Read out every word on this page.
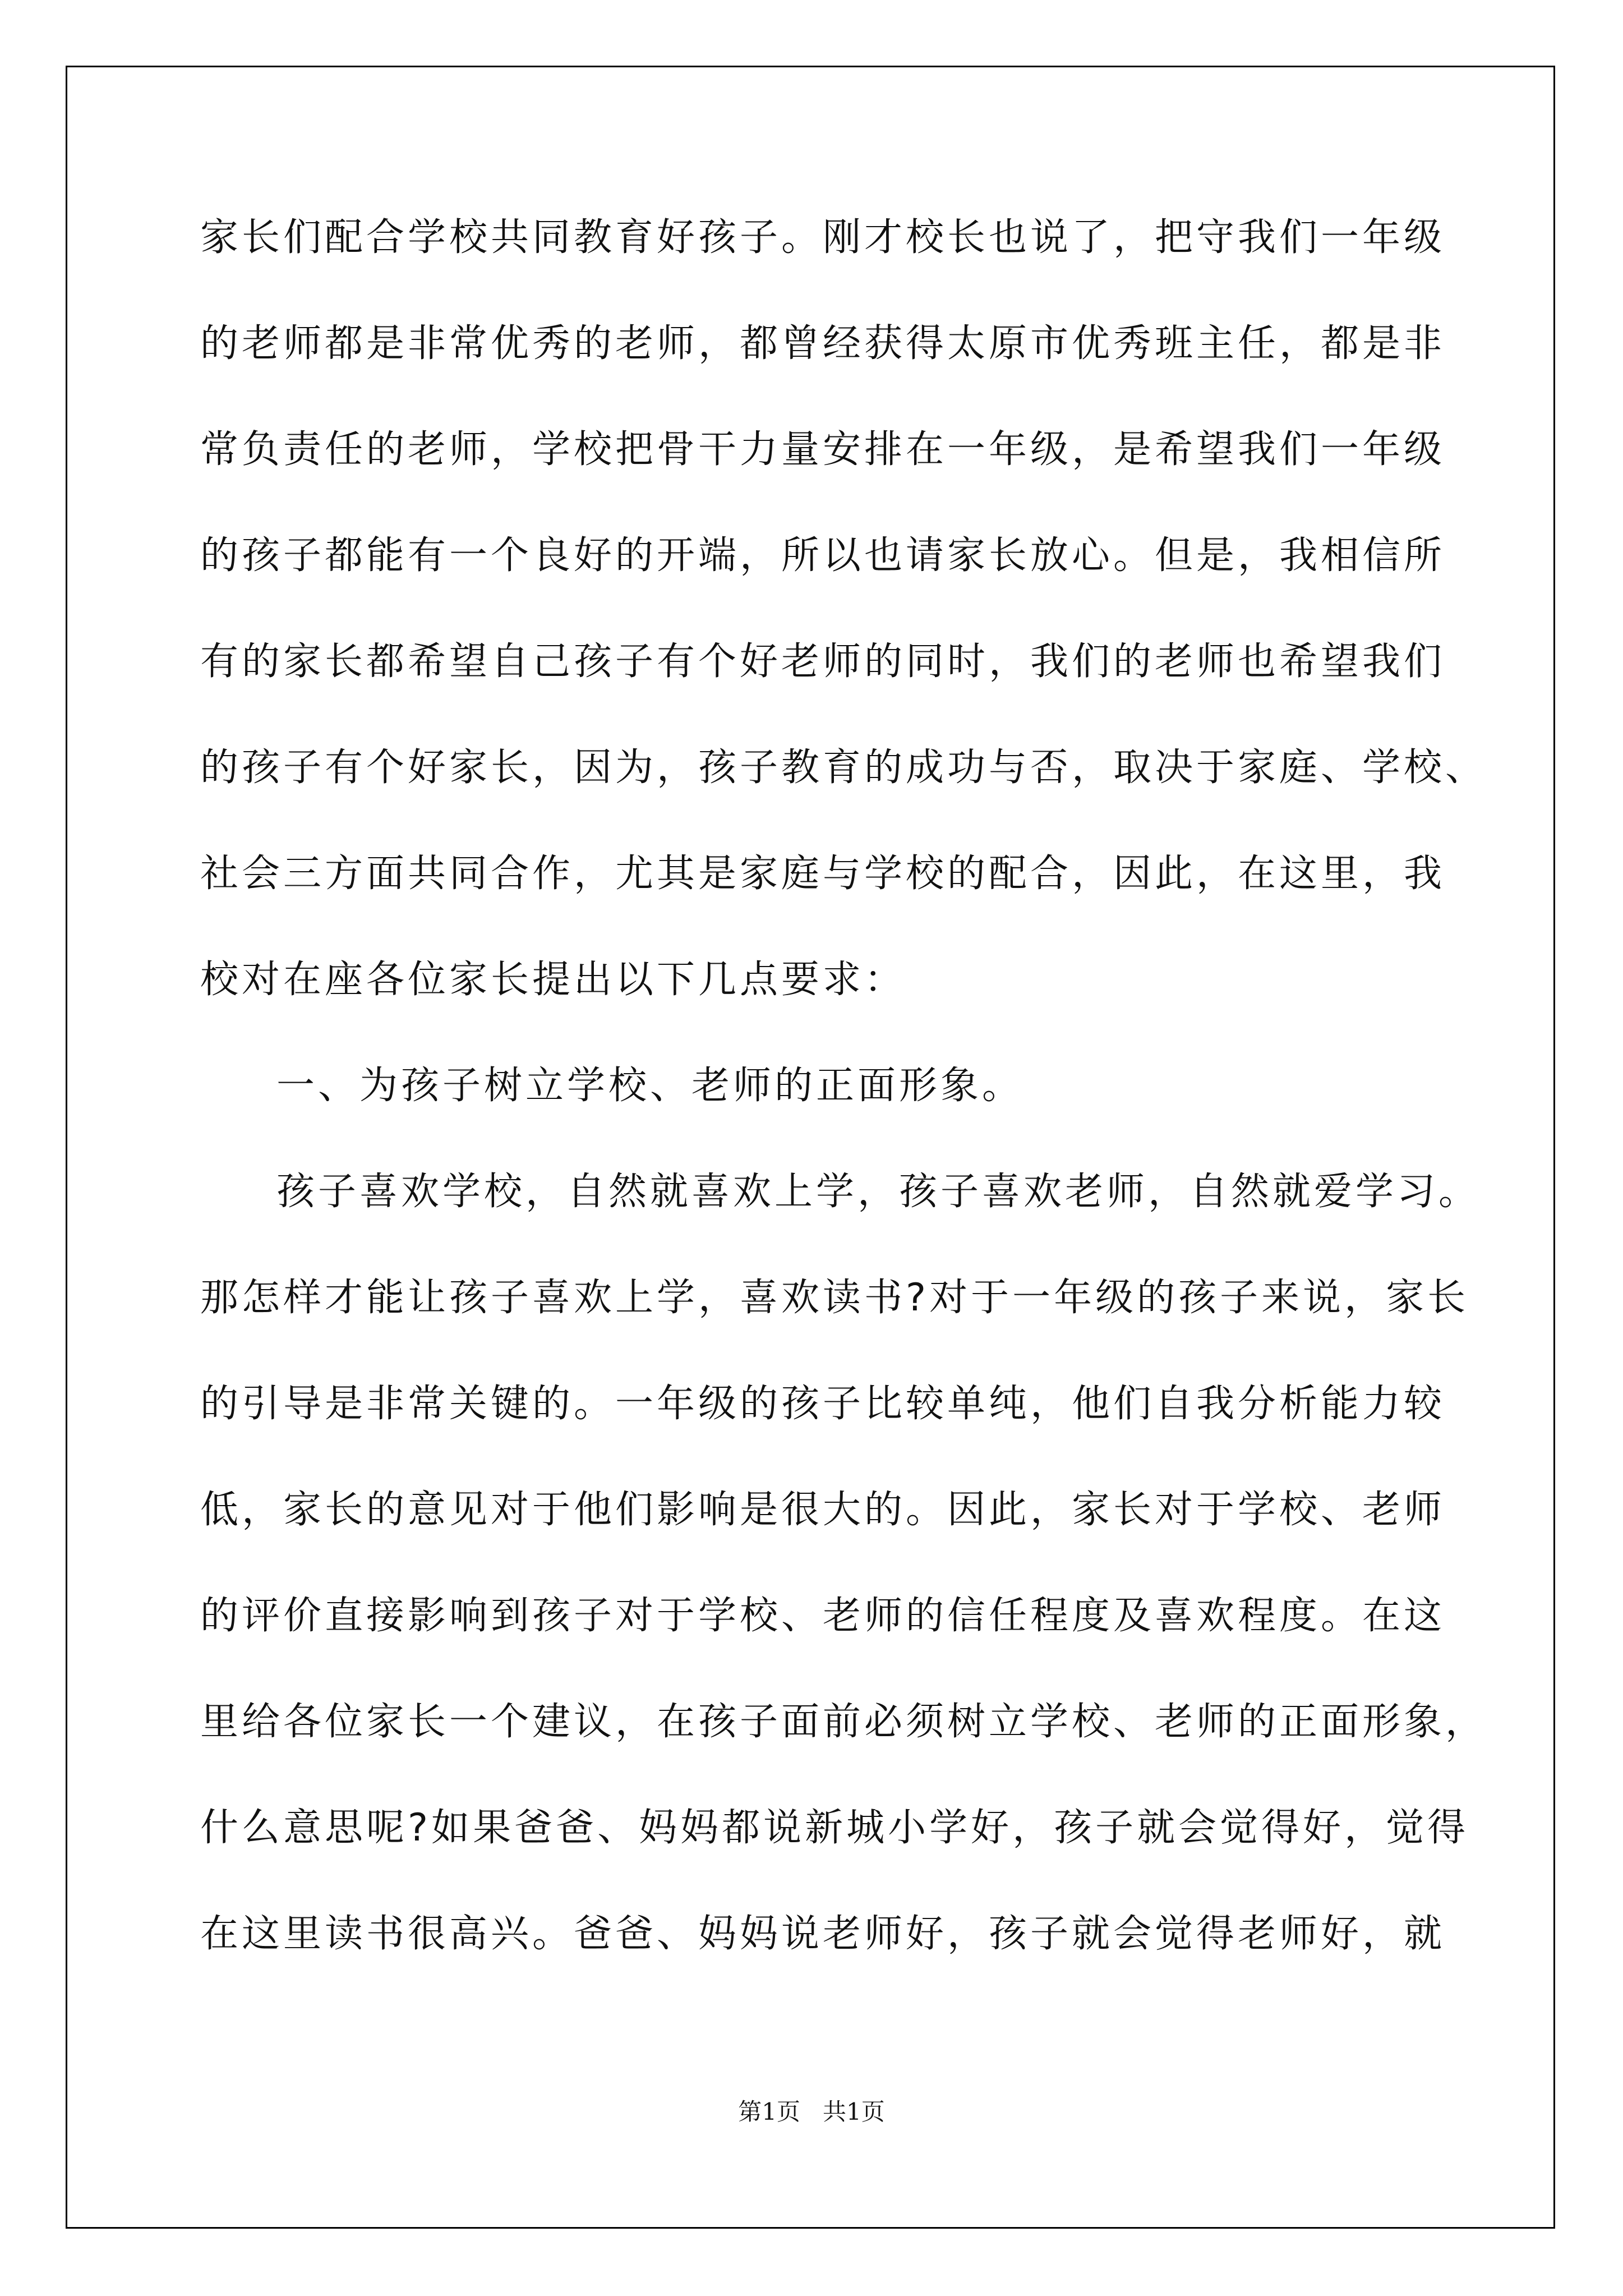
家长们配合学校共同教育好孩子。刚才校长也说了，把守我们一年级
的老师都是非常优秀的老师，都曾经获得太原市优秀班主任，都是非
常负责任的老师，学校把骨干力量安排在一年级，是希望我们一年级
的孩子都能有一个良好的开端，所以也请家长放心。但是，我相信所
有的家长都希望自己孩子有个好老师的同时，我们的老师也希望我们
的孩子有个好家长，因为，孩子教育的成功与否，取决于家庭、学校、
社会三方面共同合作，尤其是家庭与学校的配合，因此，在这里，我
校对在座各位家长提出以下几点要求：
一、为孩子树立学校、老师的正面形象。
孩子喜欢学校，自然就喜欢上学，孩子喜欢老师，自然就爱学习。
那怎样才能让孩子喜欢上学，喜欢读书?对于一年级的孩子来说，家长
的引导是非常关键的。一年级的孩子比较单纯，他们自我分析能力较
低，家长的意见对于他们影响是很大的。因此，家长对于学校、老师
的评价直接影响到孩子对于学校、老师的信任程度及喜欢程度。在这
里给各位家长一个建议，在孩子面前必须树立学校、老师的正面形象，
什么意思呢?如果爸爸、妈妈都说新城小学好，孩子就会觉得好，觉得
在这里读书很高兴。爸爸、妈妈说老师好，孩子就会觉得老师好，就
第1页 共1页
